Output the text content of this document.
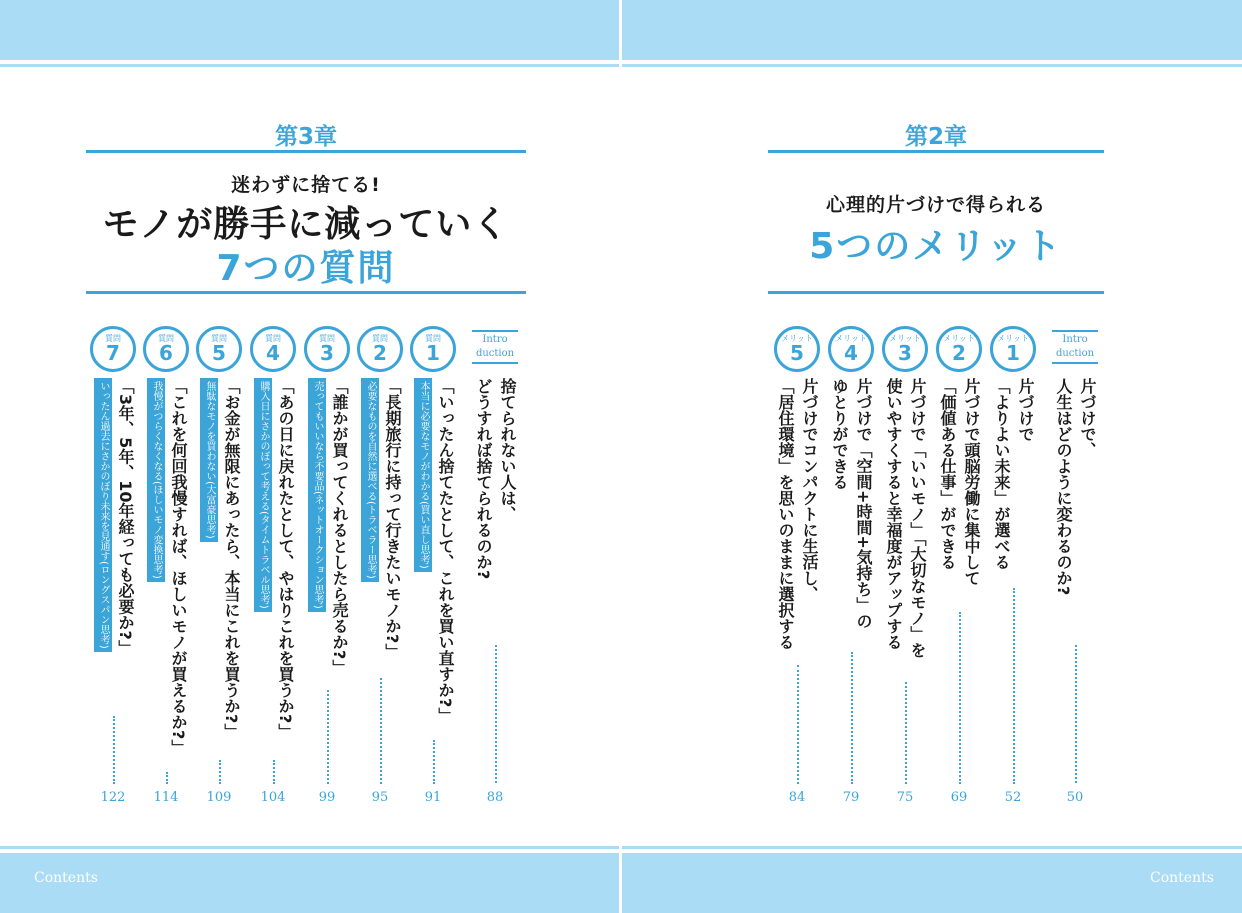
Contents	Contents
第3章
迷わずに捨てる!
モノが勝手に減っていく
7つの質問
Intro
duction
捨てられない人は、
どうすれば捨てられるのか?
88
質問
1
「いったん捨てたとして、これを買い直すか?」
本当に必要なモノがわかる(買い直し思考)
91
質問
2
「長期旅行に持って行きたいモノか?」
必要なものを自然に選べる(トラベラー思考)
95
質問
3
「誰かが買ってくれるとしたら売るか?」
売ってもいいなら不要品(ネットオークション思考)
99
質問
4
「あの日に戻れたとして、やはりこれを買うか?」
購入日にさかのぼって考える(タイムトラベル思考)
104
質問
5
「お金が無限にあったら、本当にこれを買うか?」
無駄なモノを買わない(大富豪思考)
109
質問
6
「これを何回我慢すれば、ほしいモノが買えるか?」
我慢がつらくなくなる(ほしいモノ変換思考)
114
質問
7
「3年、5年、10年経っても必要か?」
いったん過去にさかのぼり未来を見通す(ロングスパン思考)
122
第2章
心理的片づけで得られる
5つのメリット
Intro
duction
片づけで、
人生はどのように変わるのか?
50
メリット
1
片づけで
「よりよい未来」が選べる
52
メリット
2
片づけで頭脳労働に集中して
「価値ある仕事」ができる
69
メリット
3
片づけで「いいモノ」「大切なモノ」を
使いやすくすると幸福度がアップする
75
メリット
4
片づけで「空間+時間+気持ち」の
ゆとりができる
79
メリット
5
片づけでコンパクトに生活し、
「居住環境」を思いのままに選択する
84
